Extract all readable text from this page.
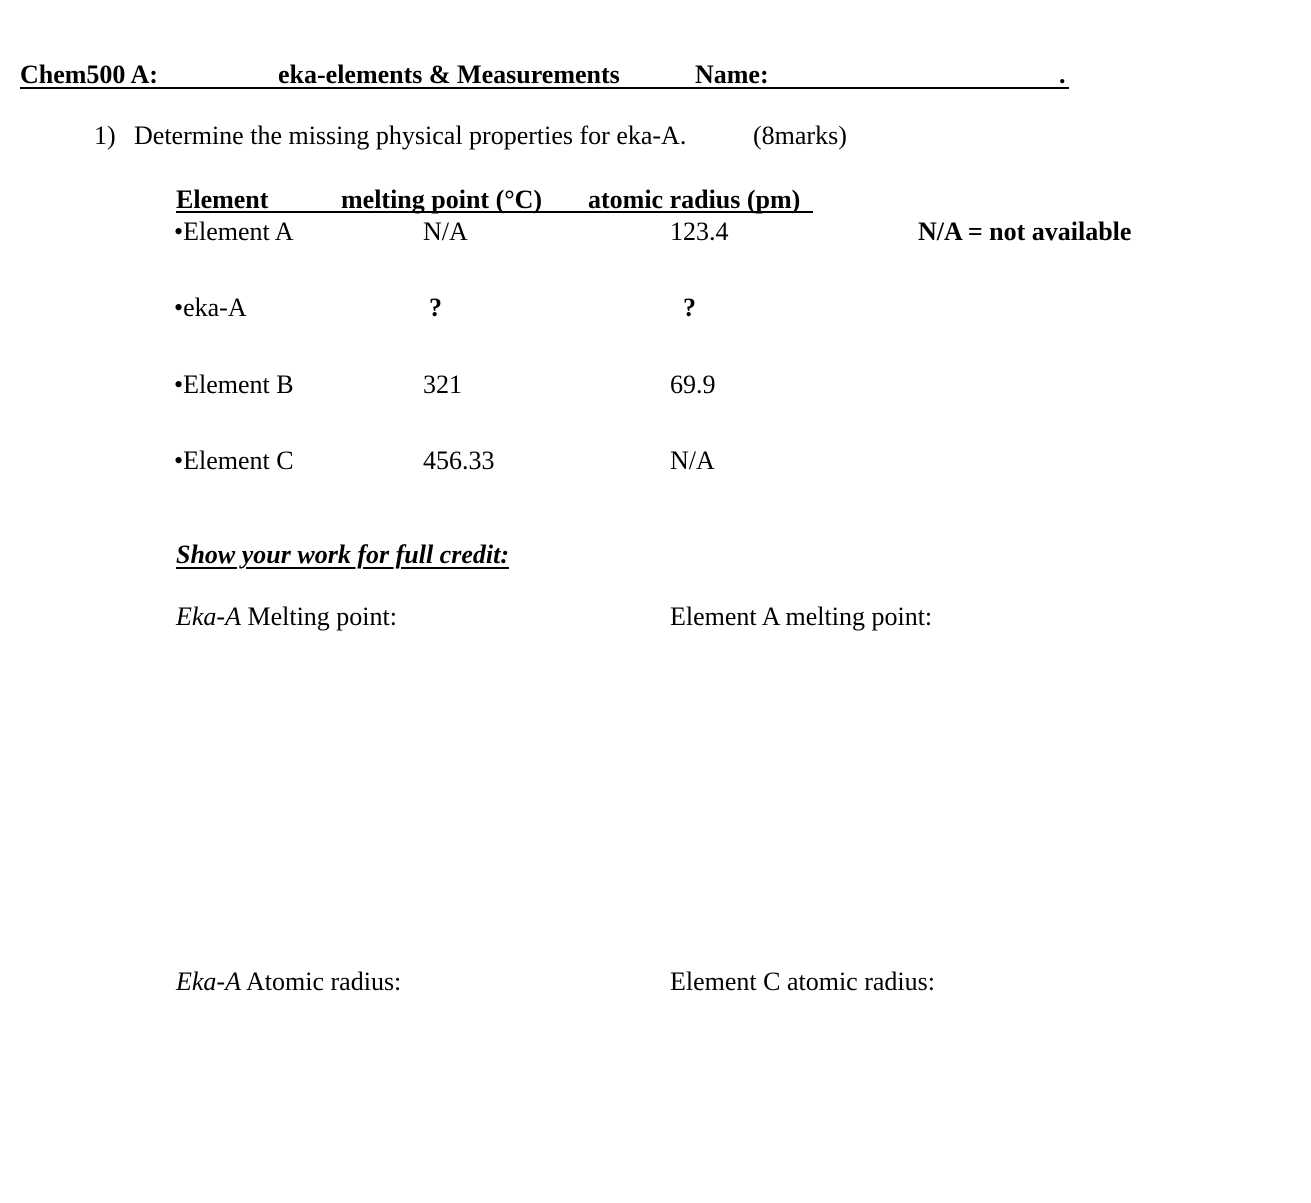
Chem500 A:	eka-elements & Measurements	Name:	.
1) Determine the missing physical properties for eka-A.	(8marks)
Element	melting point (°C) atomic radius (pm)
•Element A	N/A	123.4	N/A = not available
•eka-A	?	?
•Element B	321	69.9
•Element C	456.33	N/A
Show your work for full credit:
Eka-A Melting point:	Element A melting point:
Eka-A Atomic radius:	Element C atomic radius:
